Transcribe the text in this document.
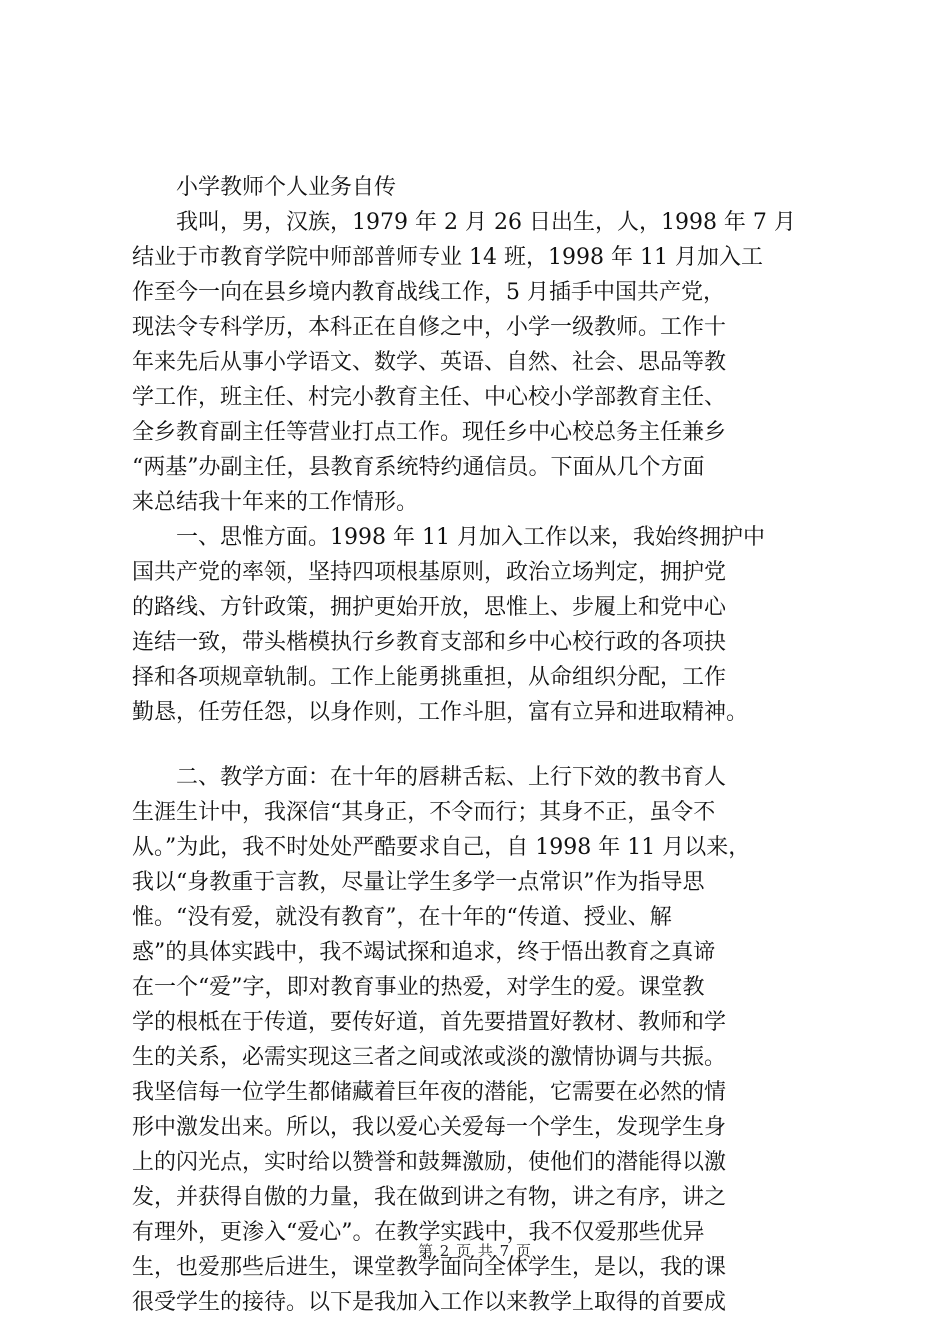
小学教师个人业务自传
我叫，男，汉族，1979 年 2 月 26 日出生，人，1998 年 7 月
结业于市教育学院中师部普师专业 14 班，1998 年 11 月加入工
作至今一向在县乡境内教育战线工作，5 月插手中国共产党，
现法令专科学历，本科正在自修之中，小学一级教师。工作十
年来先后从事小学语文、数学、英语、自然、社会、思品等教
学工作，班主任、村完小教育主任、中心校小学部教育主任、
全乡教育副主任等营业打点工作。现任乡中心校总务主任兼乡
“两基”办副主任，县教育系统特约通信员。下面从几个方面
来总结我十年来的工作情形。
一、思惟方面。1998 年 11 月加入工作以来，我始终拥护中
国共产党的率领，坚持四项根基原则，政治立场判定，拥护党
的路线、方针政策，拥护更始开放，思惟上、步履上和党中心
连结一致，带头楷模执行乡教育支部和乡中心校行政的各项抉
择和各项规章轨制。工作上能勇挑重担，从命组织分配，工作
勤恳，任劳任怨，以身作则，工作斗胆，富有立异和进取精神。
二、教学方面：在十年的唇耕舌耘、上行下效的教书育人
生涯生计中，我深信“其身正，不令而行；其身不正，虽令不
从。”为此，我不时处处严酷要求自己，自 1998 年 11 月以来，
我以“身教重于言教，尽量让学生多学一点常识”作为指导思
惟。“没有爱，就没有教育”，在十年的“传道、授业、解
惑”的具体实践中，我不竭试探和追求，终于悟出教育之真谛
在一个“爱”字，即对教育事业的热爱，对学生的爱。课堂教
学的根柢在于传道，要传好道，首先要措置好教材、教师和学
生的关系，必需实现这三者之间或浓或淡的激情协调与共振。
我坚信每一位学生都储藏着巨年夜的潜能，它需要在必然的情
形中激发出来。所以，我以爱心关爱每一个学生，发现学生身
上的闪光点，实时给以赞誉和鼓舞激励，使他们的潜能得以激
发，并获得自傲的力量，我在做到讲之有物，讲之有序，讲之
有理外，更渗入“爱心”。在教学实践中，我不仅爱那些优异
生，也爱那些后进生，课堂教学面向全体学生，是以，我的课
很受学生的接待。以下是我加入工作以来教学上取得的首要成
第 2 页 共 7 页
